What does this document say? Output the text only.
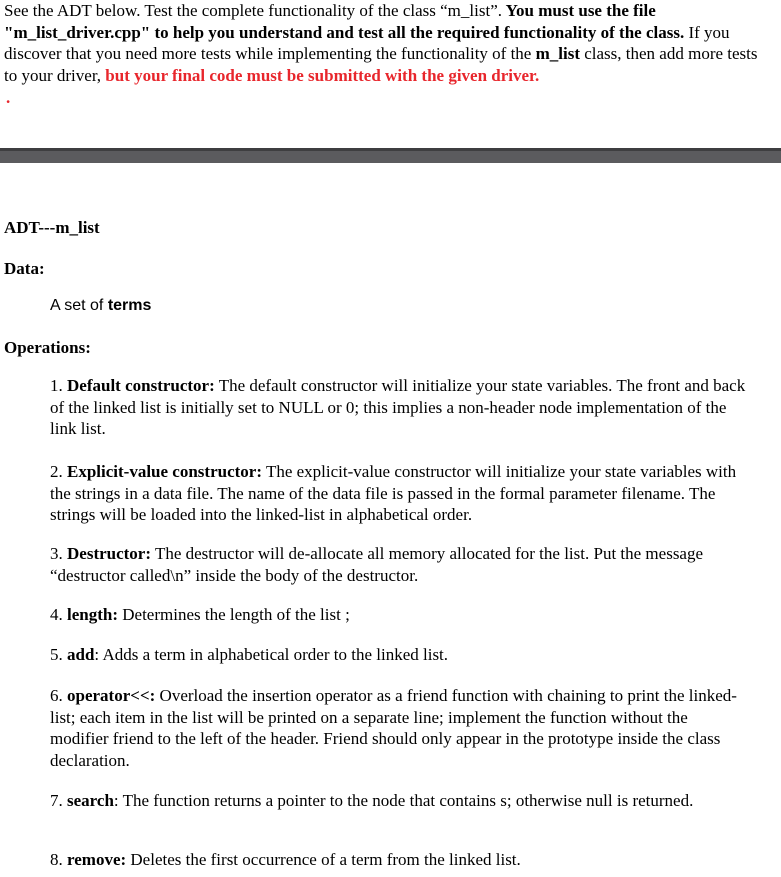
See the ADT below. Test the complete functionality of the class “m_list”. You must use the file "m_list_driver.cpp" to help you understand and test all the required functionality of the class. If you discover that you need more tests while implementing the functionality of the m_list class, then add more tests to your driver, but your final code must be submitted with the given driver.
.
ADT---m_list
Data:
A set of terms
Operations:
1. Default constructor: The default constructor will initialize your state variables. The front and back of the linked list is initially set to NULL or 0; this implies a non-header node implementation of the link list.
2. Explicit-value constructor: The explicit-value constructor will initialize your state variables with the strings in a data file. The name of the data file is passed in the formal parameter filename. The strings will be loaded into the linked-list in alphabetical order.
3. Destructor: The destructor will de-allocate all memory allocated for the list. Put the message “destructor called\n” inside the body of the destructor.
4. length: Determines the length of the list ;
5. add: Adds a term in alphabetical order to the linked list.
6. operator<<: Overload the insertion operator as a friend function with chaining to print the linked-list; each item in the list will be printed on a separate line; implement the function without the modifier friend to the left of the header. Friend should only appear in the prototype inside the class declaration.
7. search: The function returns a pointer to the node that contains s; otherwise null is returned.
8. remove: Deletes the first occurrence of a term from the linked list.
